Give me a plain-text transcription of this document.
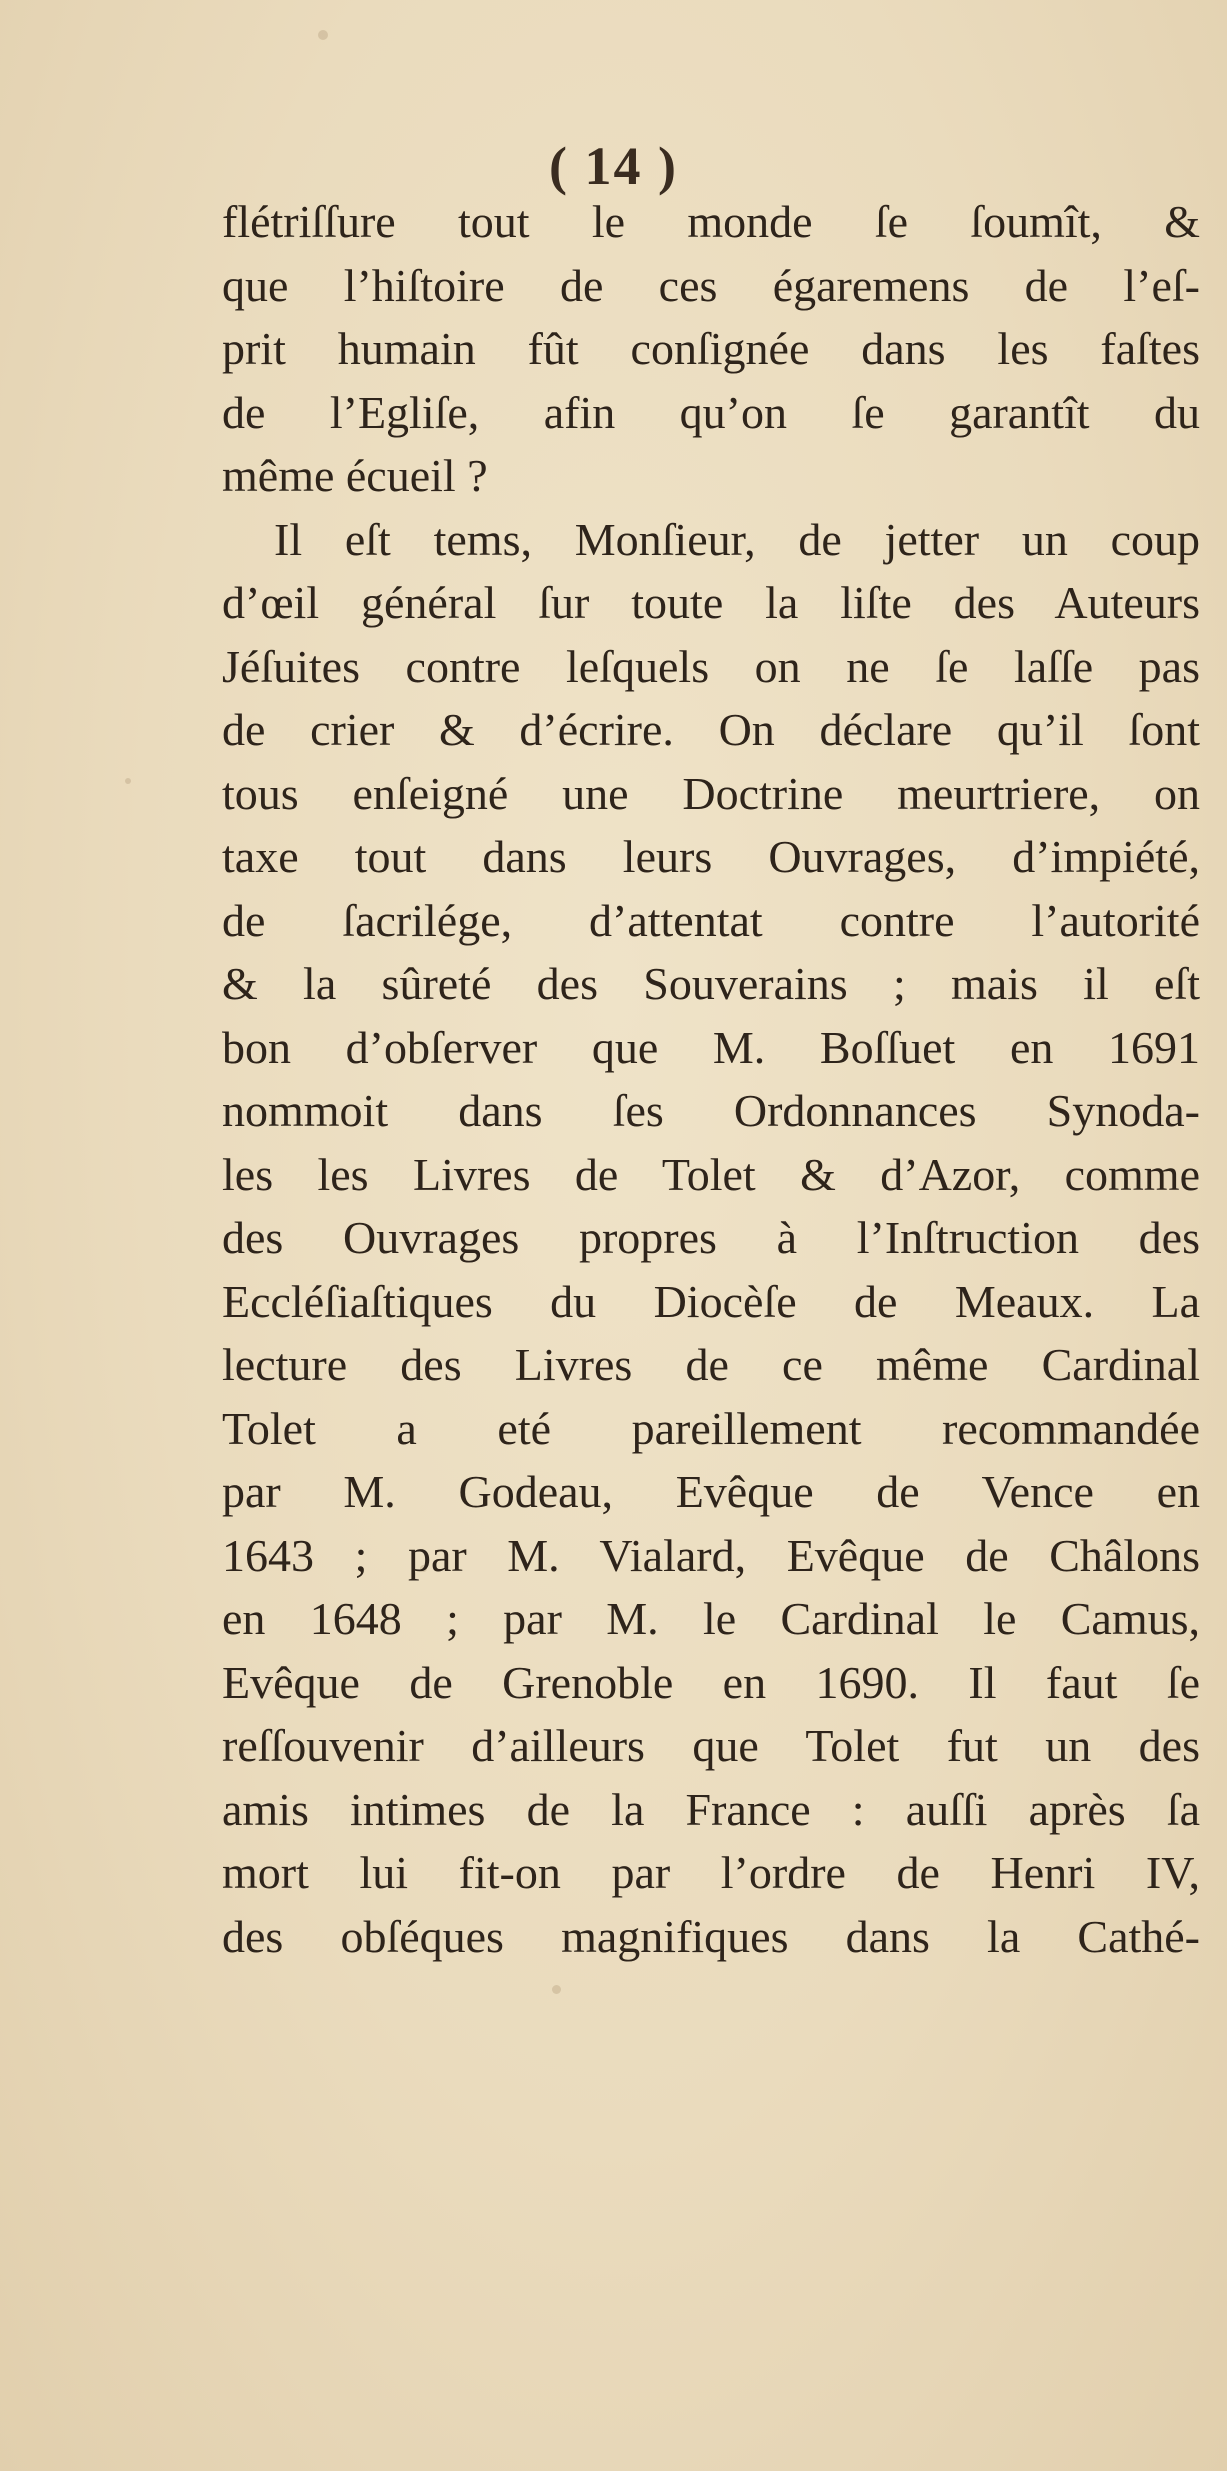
( 14 )
flétriſſure tout le monde ſe ſoumît, &
que l’hiſtoire de ces égaremens de l’eſ-
prit humain fût conſignée dans les faſtes
de l’Egliſe, afin qu’on ſe garantît du
même écueil ?
Il eſt tems, Monſieur, de jetter un coup
d’œil général ſur toute la liſte des Auteurs
Jéſuites contre leſquels on ne ſe laſſe pas
de crier & d’écrire. On déclare qu’il ſont
tous enſeigné une Doctrine meurtriere, on
taxe tout dans leurs Ouvrages, d’impiété,
de ſacrilége, d’attentat contre l’autorité
& la sûreté des Souverains ; mais il eſt
bon d’obſerver que M. Boſſuet en 1691
nommoit dans ſes Ordonnances Synoda-
les les Livres de Tolet & d’Azor, comme
des Ouvrages propres à l’Inſtruction des
Eccléſiaſtiques du Diocèſe de Meaux. La
lecture des Livres de ce même Cardinal
Tolet a eté pareillement recommandée
par M. Godeau, Evêque de Vence en
1643 ; par M. Vialard, Evêque de Châlons
en 1648 ; par M. le Cardinal le Camus,
Evêque de Grenoble en 1690. Il faut ſe
reſſouvenir d’ailleurs que Tolet fut un des
amis intimes de la France : auſſi après ſa
mort lui fit-on par l’ordre de Henri IV,
des obſéques magnifiques dans la Cathé-
